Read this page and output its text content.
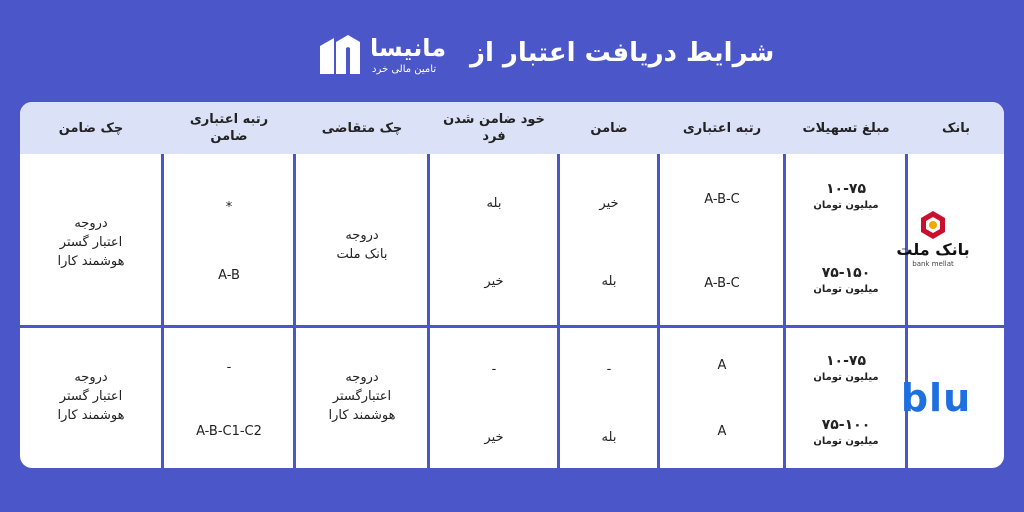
شرایط دریافت اعتبار از
مانیسا
تامین مالی خرد
بانک
مبلغ تسهیلات
رتبه اعتباری
ضامن
خود ضامن شدن فرد
چک متقاضی
رتبه اعتباری ضامن
چک ضامن
۱۰-۷۵
میلیون تومان
۷۵-۱۵۰
میلیون تومان
A-B-C
A-B-C
خیر
بله
بله
خیر
دروجه
بانک ملت
*
A-B
دروجه
اعتبار گستر
هوشمند کارا
۱۰-۷۵
میلیون تومان
۷۵-۱۰۰
میلیون تومان
A
A
-
بله
-
خیر
دروجه
اعتبارگستر
هوشمند کارا
-
A-B-C1-C2
دروجه
اعتبار گستر
هوشمند کارا
بانک ملت
bank mellat
blu
